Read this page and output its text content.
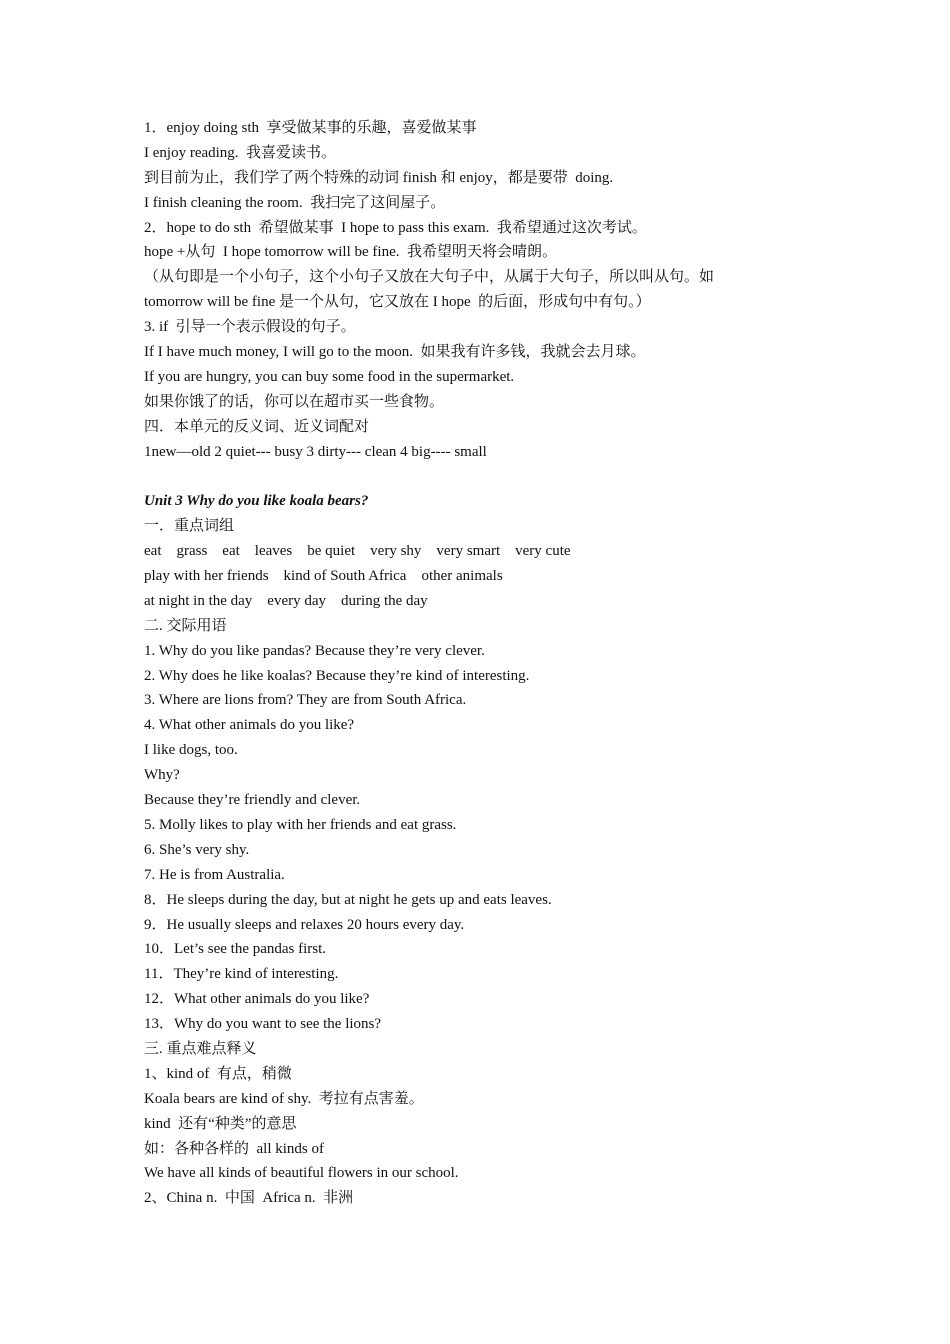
1．enjoy doing sth  享受做某事的乐趣，喜爱做某事
I enjoy reading.  我喜爱读书。
到目前为止，我们学了两个特殊的动词 finish 和 enjoy，都是要带  doing.
I finish cleaning the room.  我扫完了这间屋子。
2．hope to do sth  希望做某事  I hope to pass this exam.  我希望通过这次考试。
hope +从句  I hope tomorrow will be fine.  我希望明天将会晴朗。
（从句即是一个小句子，这个小句子又放在大句子中，从属于大句子，所以叫从句。如
tomorrow will be fine 是一个从句，它又放在 I hope  的后面，形成句中有句。）
3. if  引导一个表示假设的句子。
If I have much money, I will go to the moon.  如果我有许多钱，我就会去月球。
If you are hungry, you can buy some food in the supermarket.
如果你饿了的话，你可以在超市买一些食物。
四．本单元的反义词、近义词配对
1new—old 2 quiet--- busy 3 dirty--- clean 4 big---- small
Unit 3 Why do you like koala bears?
一．重点词组
eat    grass    eat    leaves    be quiet    very shy    very smart    very cute
play with her friends    kind of South Africa    other animals
at night in the day    every day    during the day
二. 交际用语
1. Why do you like pandas? Because they’re very clever.
2. Why does he like koalas? Because they’re kind of interesting.
3. Where are lions from? They are from South Africa.
4. What other animals do you like?
I like dogs, too.
Why?
Because they’re friendly and clever.
5. Molly likes to play with her friends and eat grass.
6. She’s very shy.
7. He is from Australia.
8．He sleeps during the day, but at night he gets up and eats leaves.
9．He usually sleeps and relaxes 20 hours every day.
10．Let’s see the pandas first.
11．They’re kind of interesting.
12．What other animals do you like?
13．Why do you want to see the lions?
三. 重点难点释义
1、kind of  有点，稍微
Koala bears are kind of shy.  考拉有点害羞。
kind  还有“种类”的意思
如：各种各样的  all kinds of
We have all kinds of beautiful flowers in our school.
2、China n.  中国  Africa n.  非洲
